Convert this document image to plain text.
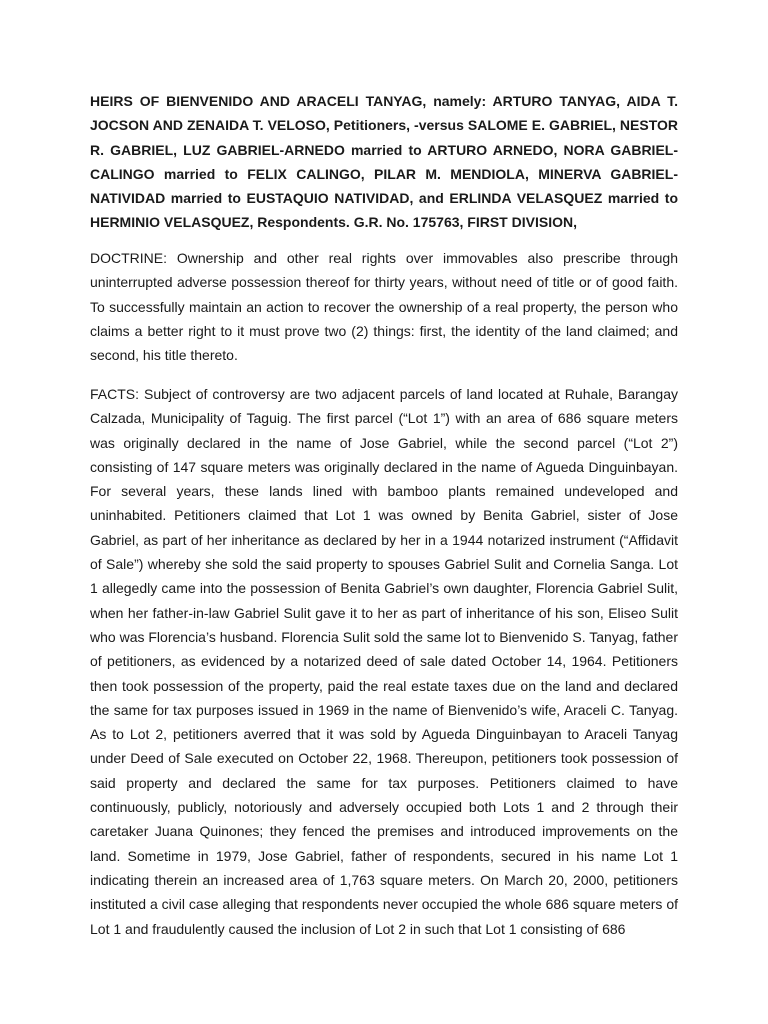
HEIRS OF BIENVENIDO AND ARACELI TANYAG, namely: ARTURO TANYAG, AIDA T. JOCSON AND ZENAIDA T. VELOSO, Petitioners, -versus SALOME E. GABRIEL, NESTOR R. GABRIEL, LUZ GABRIEL-ARNEDO married to ARTURO ARNEDO, NORA GABRIEL-CALINGO married to FELIX CALINGO, PILAR M. MENDIOLA, MINERVA GABRIEL-NATIVIDAD married to EUSTAQUIO NATIVIDAD, and ERLINDA VELASQUEZ married to HERMINIO VELASQUEZ, Respondents. G.R. No. 175763, FIRST DIVISION,

DOCTRINE: Ownership and other real rights over immovables also prescribe through uninterrupted adverse possession thereof for thirty years, without need of title or of good faith. To successfully maintain an action to recover the ownership of a real property, the person who claims a better right to it must prove two (2) things: first, the identity of the land claimed; and second, his title thereto.

FACTS: Subject of controversy are two adjacent parcels of land located at Ruhale, Barangay Calzada, Municipality of Taguig. The first parcel (“Lot 1”) with an area of 686 square meters was originally declared in the name of Jose Gabriel, while the second parcel (“Lot 2”) consisting of 147 square meters was originally declared in the name of Agueda Dinguinbayan. For several years, these lands lined with bamboo plants remained undeveloped and uninhabited. Petitioners claimed that Lot 1 was owned by Benita Gabriel, sister of Jose Gabriel, as part of her inheritance as declared by her in a 1944 notarized instrument (“Affidavit of Sale”) whereby she sold the said property to spouses Gabriel Sulit and Cornelia Sanga. Lot 1 allegedly came into the possession of Benita Gabriel’s own daughter, Florencia Gabriel Sulit, when her father-in-law Gabriel Sulit gave it to her as part of inheritance of his son, Eliseo Sulit who was Florencia’s husband. Florencia Sulit sold the same lot to Bienvenido S. Tanyag, father of petitioners, as evidenced by a notarized deed of sale dated October 14, 1964. Petitioners then took possession of the property, paid the real estate taxes due on the land and declared the same for tax purposes issued in 1969 in the name of Bienvenido’s wife, Araceli C. Tanyag. As to Lot 2, petitioners averred that it was sold by Agueda Dinguinbayan to Araceli Tanyag under Deed of Sale executed on October 22, 1968. Thereupon, petitioners took possession of said property and declared the same for tax purposes. Petitioners claimed to have continuously, publicly, notoriously and adversely occupied both Lots 1 and 2 through their caretaker Juana Quinones; they fenced the premises and introduced improvements on the land. Sometime in 1979, Jose Gabriel, father of respondents, secured in his name Lot 1 indicating therein an increased area of 1,763 square meters. On March 20, 2000, petitioners instituted a civil case alleging that respondents never occupied the whole 686 square meters of Lot 1 and fraudulently caused the inclusion of Lot 2 in such that Lot 1 consisting of 686
